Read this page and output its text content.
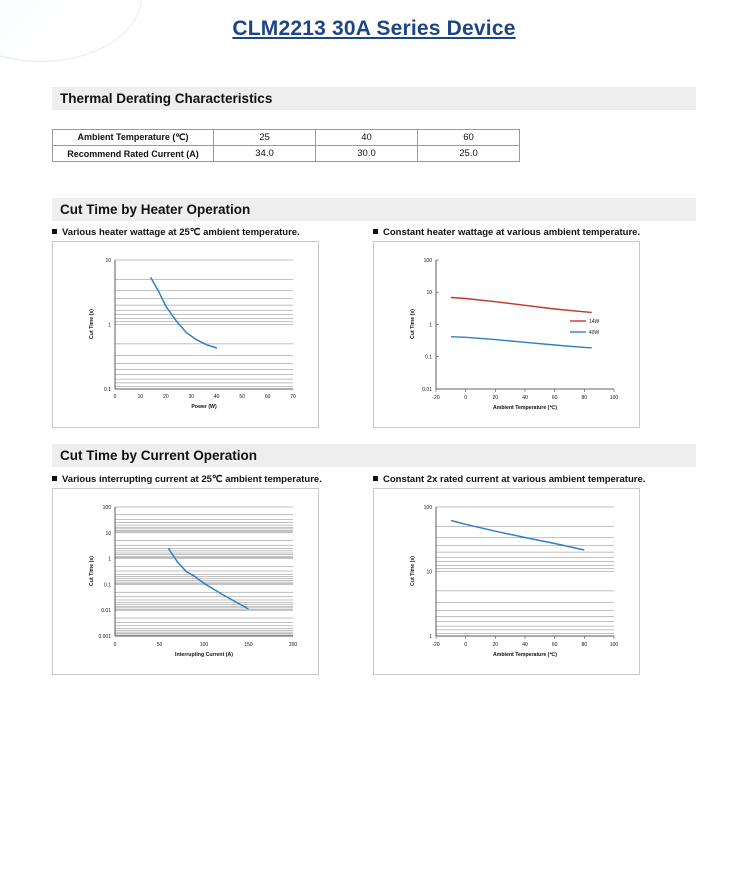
CLM2213 30A Series Device
Thermal Derating Characteristics
Ambient Temperature (℃)	25	40	60
Recommend Rated Current (A)	34.0	30.0	25.0
Cut Time by Heater Operation
Various heater wattage at 25℃ ambient temperature.	Constant heater wattage at various ambient temperature.
10
1
0.1
0	10	20	30	40	50	60	70
Power (W)
Cut Time (s)
100
10
1
0.1
0.01
-20	0	20	40	60	80	100
Ambient Temperature (℃)
Cut Time (s)	14W
40W
Cut Time by Current Operation
Various interrupting current at 25℃ ambient temperature.	Constant 2x rated current at various ambient temperature.
100
10
1
0.1
0.01
0.001
0	50	100	150	200
Interrupting Current (A)
Cut Time (s)
100
10
1
-20	0	20	40	60	80	100
Ambient Temperature (℃)
Cut Time (s)
